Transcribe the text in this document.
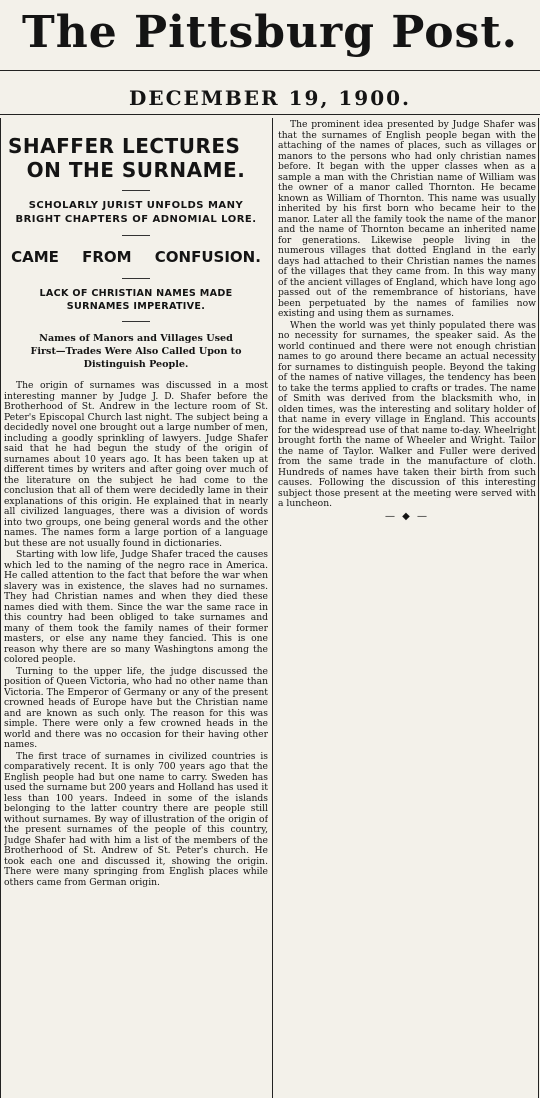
The Pittsburg Post.
DECEMBER 19, 1900.
SHAFFER LECTURES
ON THE SURNAME.
SCHOLARLY JURIST UNFOLDS MANY BRIGHT CHAPTERS OF ADNOMIAL LORE.
CAME FROM CONFUSION.
LACK OF CHRISTIAN NAMES MADE SURNAMES IMPERATIVE.
Names of Manors and Villages Used First—Trades Were Also Called Upon to Distinguish People.

The origin of surnames was discussed in a most interesting manner by Judge J. D. Shafer before the Brotherhood of St. Andrew in the lecture room of St. Peter's Episcopal Church last night. The subject being a decidedly novel one brought out a large number of men, including a goodly sprinkling of lawyers. Judge Shafer said that he had begun the study of the origin of surnames about 10 years ago. It has been taken up at different times by writers and after going over much of the literature on the subject he had come to the conclusion that all of them were decidedly lame in their explanations of this origin. He explained that in nearly all civilized languages, there was a division of words into two groups, one being general words and the other names. The names form a large portion of a language but these are not usually found in dictionaries.

Starting with low life, Judge Shafer traced the causes which led to the naming of the negro race in America. He called attention to the fact that before the war when slavery was in existence, the slaves had no surnames. They had Christian names and when they died these names died with them. Since the war the same race in this country had been obliged to take surnames and many of them took the family names of their former masters, or else any name they fancied. This is one reason why there are so many Washingtons among the colored people.

Turning to the upper life, the judge discussed the position of Queen Victoria, who had no other name than Victoria. The Emperor of Germany or any of the present crowned heads of Europe have but the Christian name and are known as such only. The reason for this was simple. There were only a few crowned heads in the world and there was no occasion for their having other names.

The first trace of surnames in civilized countries is comparatively recent. It is only 700 years ago that the English people had but one name to carry. Sweden has used the surname but 200 years and Holland has used it less than 100 years. Indeed in some of the islands belonging to the latter country there are people still without surnames. By way of illustration of the origin of the present surnames of the people of this country, Judge Shafer had with him a list of the members of the Brotherhood of St. Andrew of St. Peter's church. He took each one and discussed it, showing the origin. There were many springing from English places while others came from German origin.

The prominent idea presented by Judge Shafer was that the surnames of English people began with the attaching of the names of places, such as villages or manors to the persons who had only christian names before. It began with the upper classes when as a sample a man with the Christian name of William was the owner of a manor called Thornton. He became known as William of Thornton. This name was usually inherited by his first born who became heir to the manor. Later all the family took the name of the manor and the name of Thornton became an inherited name for generations. Likewise people living in the numerous villages that dotted England in the early days had attached to their Christian names the names of the villages that they came from. In this way many of the ancient villages of England, which have long ago passed out of the remembrance of historians, have been perpetuated by the names of families now existing and using them as surnames.

When the world was yet thinly populated there was no necessity for surnames, the speaker said. As the world continued and there were not enough christian names to go around there became an actual necessity for surnames to distinguish people. Beyond the taking of the names of native villages, the tendency has been to take the terms applied to crafts or trades. The name of Smith was derived from the blacksmith who, in olden times, was the interesting and solitary holder of that name in every village in England. This accounts for the widespread use of that name to-day. Wheelright brought forth the name of Wheeler and Wright. Tailor the name of Taylor. Walker and Fuller were derived from the same trade in the manufacture of cloth. Hundreds of names have taken their birth from such causes. Following the discussion of this interesting subject those present at the meeting were served with a luncheon.

— ◆ —
